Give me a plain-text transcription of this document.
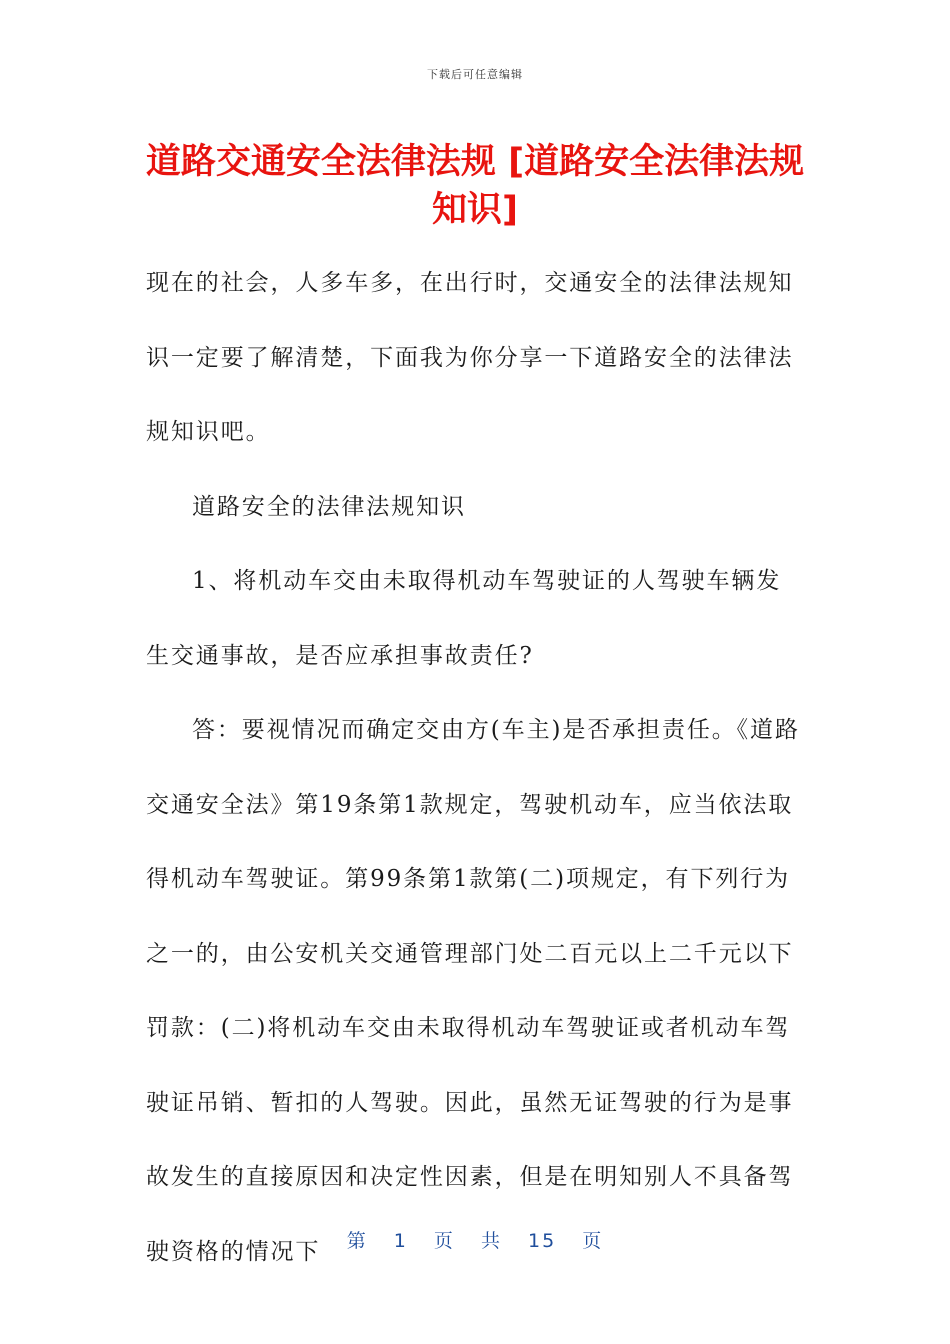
下载后可任意编辑
道路交通安全法律法规 [道路安全法律法规知识]

现在的社会，人多车多，在出行时，交通安全的法律法规知识一定要了解清楚，下面我为你分享一下道路安全的法律法规知识吧。

道路安全的法律法规知识

1、将机动车交由未取得机动车驾驶证的人驾驶车辆发生交通事故，是否应承担事故责任?

答：要视情况而确定交由方(车主)是否承担责任。《道路交通安全法》第19条第1款规定，驾驶机动车，应当依法取得机动车驾驶证。第99条第1款第(二)项规定，有下列行为之一的，由公安机关交通管理部门处二百元以上二千元以下罚款：(二)将机动车交由未取得机动车驾驶证或者机动车驾驶证吊销、暂扣的人驾驶。因此，虽然无证驾驶的行为是事故发生的直接原因和决定性因素，但是在明知别人不具备驾驶资格的情况下	第 1 页 共 15 页
